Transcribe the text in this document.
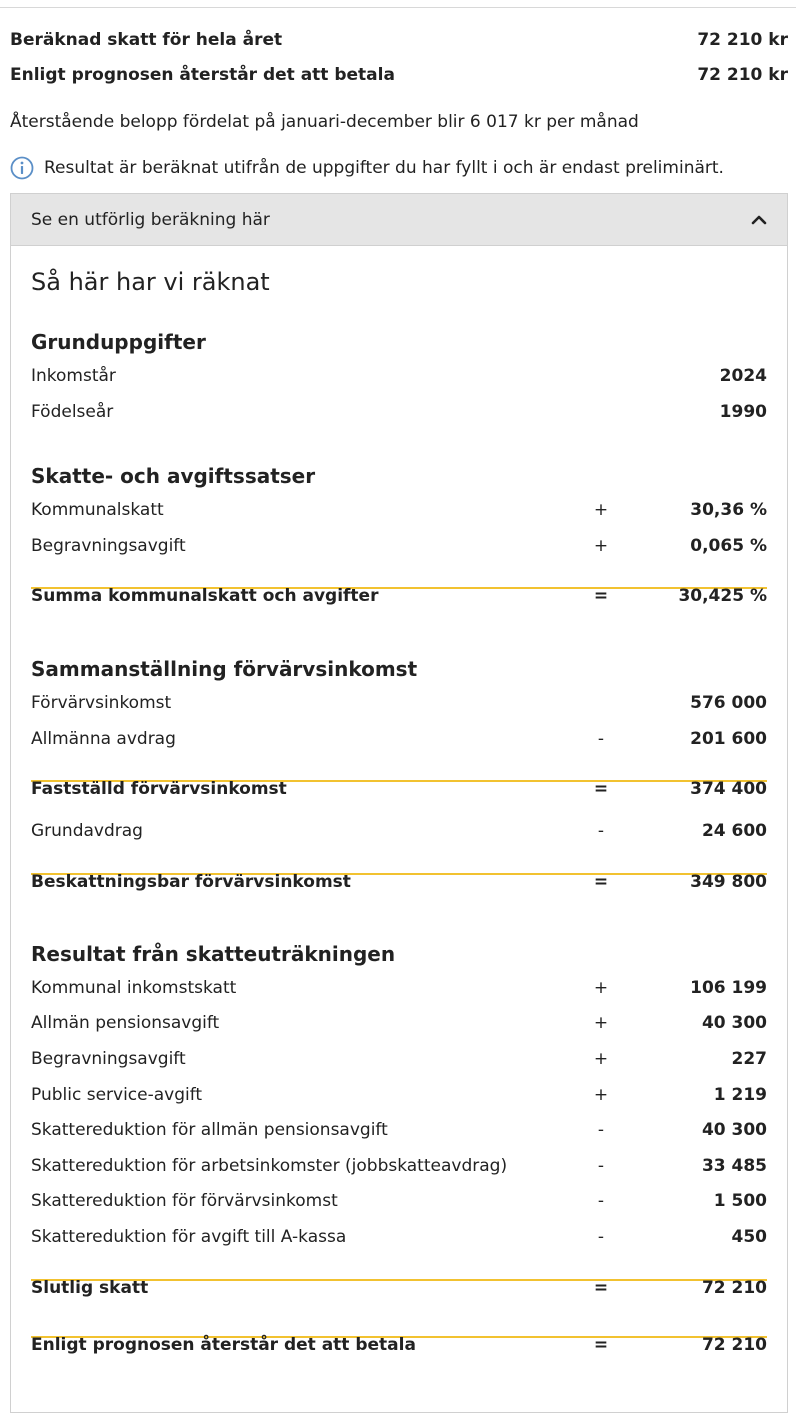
Beräknad skatt för hela året	72 210 kr
Enligt prognosen återstår det att betala	72 210 kr
Återstående belopp fördelat på januari-december blir 6 017 kr per månad
Resultat är beräknat utifrån de uppgifter du har fyllt i och är endast preliminärt.
Se en utförlig beräkning här
Så här har vi räknat
Grunduppgifter
Inkomstår	2024
Födelseår	1990
Skatte- och avgiftssatser
Kommunalskatt	+	30,36 %
Begravningsavgift	+	0,065 %
Summa kommunalskatt och avgifter	=	30,425 %
Sammanställning förvärvsinkomst
Förvärvsinkomst	576 000
Allmänna avdrag	-	201 600
Fastställd förvärvsinkomst	=	374 400
Grundavdrag	-	24 600
Beskattningsbar förvärvsinkomst	=	349 800
Resultat från skatteuträkningen
Kommunal inkomstskatt	+	106 199
Allmän pensionsavgift	+	40 300
Begravningsavgift	+	227
Public service-avgift	+	1 219
Skattereduktion för allmän pensionsavgift	-	40 300
Skattereduktion för arbetsinkomster (jobbskatteavdrag)	-	33 485
Skattereduktion för förvärvsinkomst	-	1 500
Skattereduktion för avgift till A-kassa	-	450
Slutlig skatt	=	72 210
Enligt prognosen återstår det att betala	=	72 210
